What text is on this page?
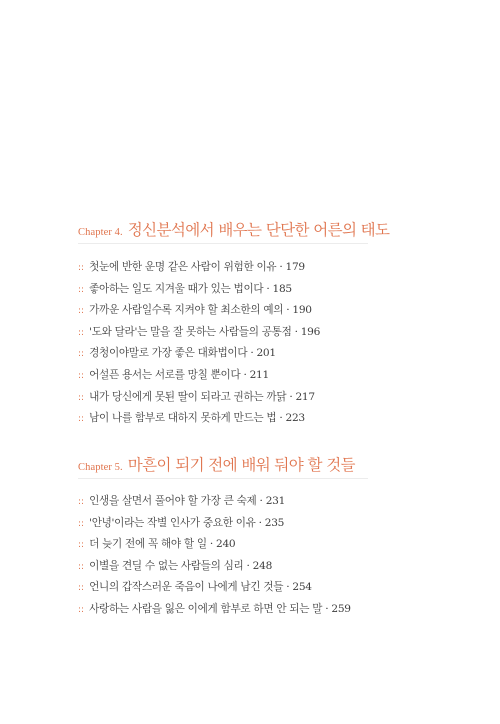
Chapter 4. 정신분석에서 배우는 단단한 어른의 태도
:: 첫눈에 반한 운명 같은 사람이 위험한 이유 · 179
:: 좋아하는 일도 지겨울 때가 있는 법이다 · 185
:: 가까운 사람일수록 지켜야 할 최소한의 예의 · 190
:: '도와 달라'는 말을 잘 못하는 사람들의 공통점 · 196
:: 경청이야말로 가장 좋은 대화법이다 · 201
:: 어설픈 용서는 서로를 망칠 뿐이다 · 211
:: 내가 당신에게 못된 딸이 되라고 권하는 까닭 · 217
:: 남이 나를 함부로 대하지 못하게 만드는 법 · 223
Chapter 5. 마흔이 되기 전에 배워 둬야 할 것들
:: 인생을 살면서 풀어야 할 가장 큰 숙제 · 231
:: '안녕'이라는 작별 인사가 중요한 이유 · 235
:: 더 늦기 전에 꼭 해야 할 일 · 240
:: 이별을 견딜 수 없는 사람들의 심리 · 248
:: 언니의 갑작스러운 죽음이 나에게 남긴 것들 · 254
:: 사랑하는 사람을 잃은 이에게 함부로 하면 안 되는 말 · 259
